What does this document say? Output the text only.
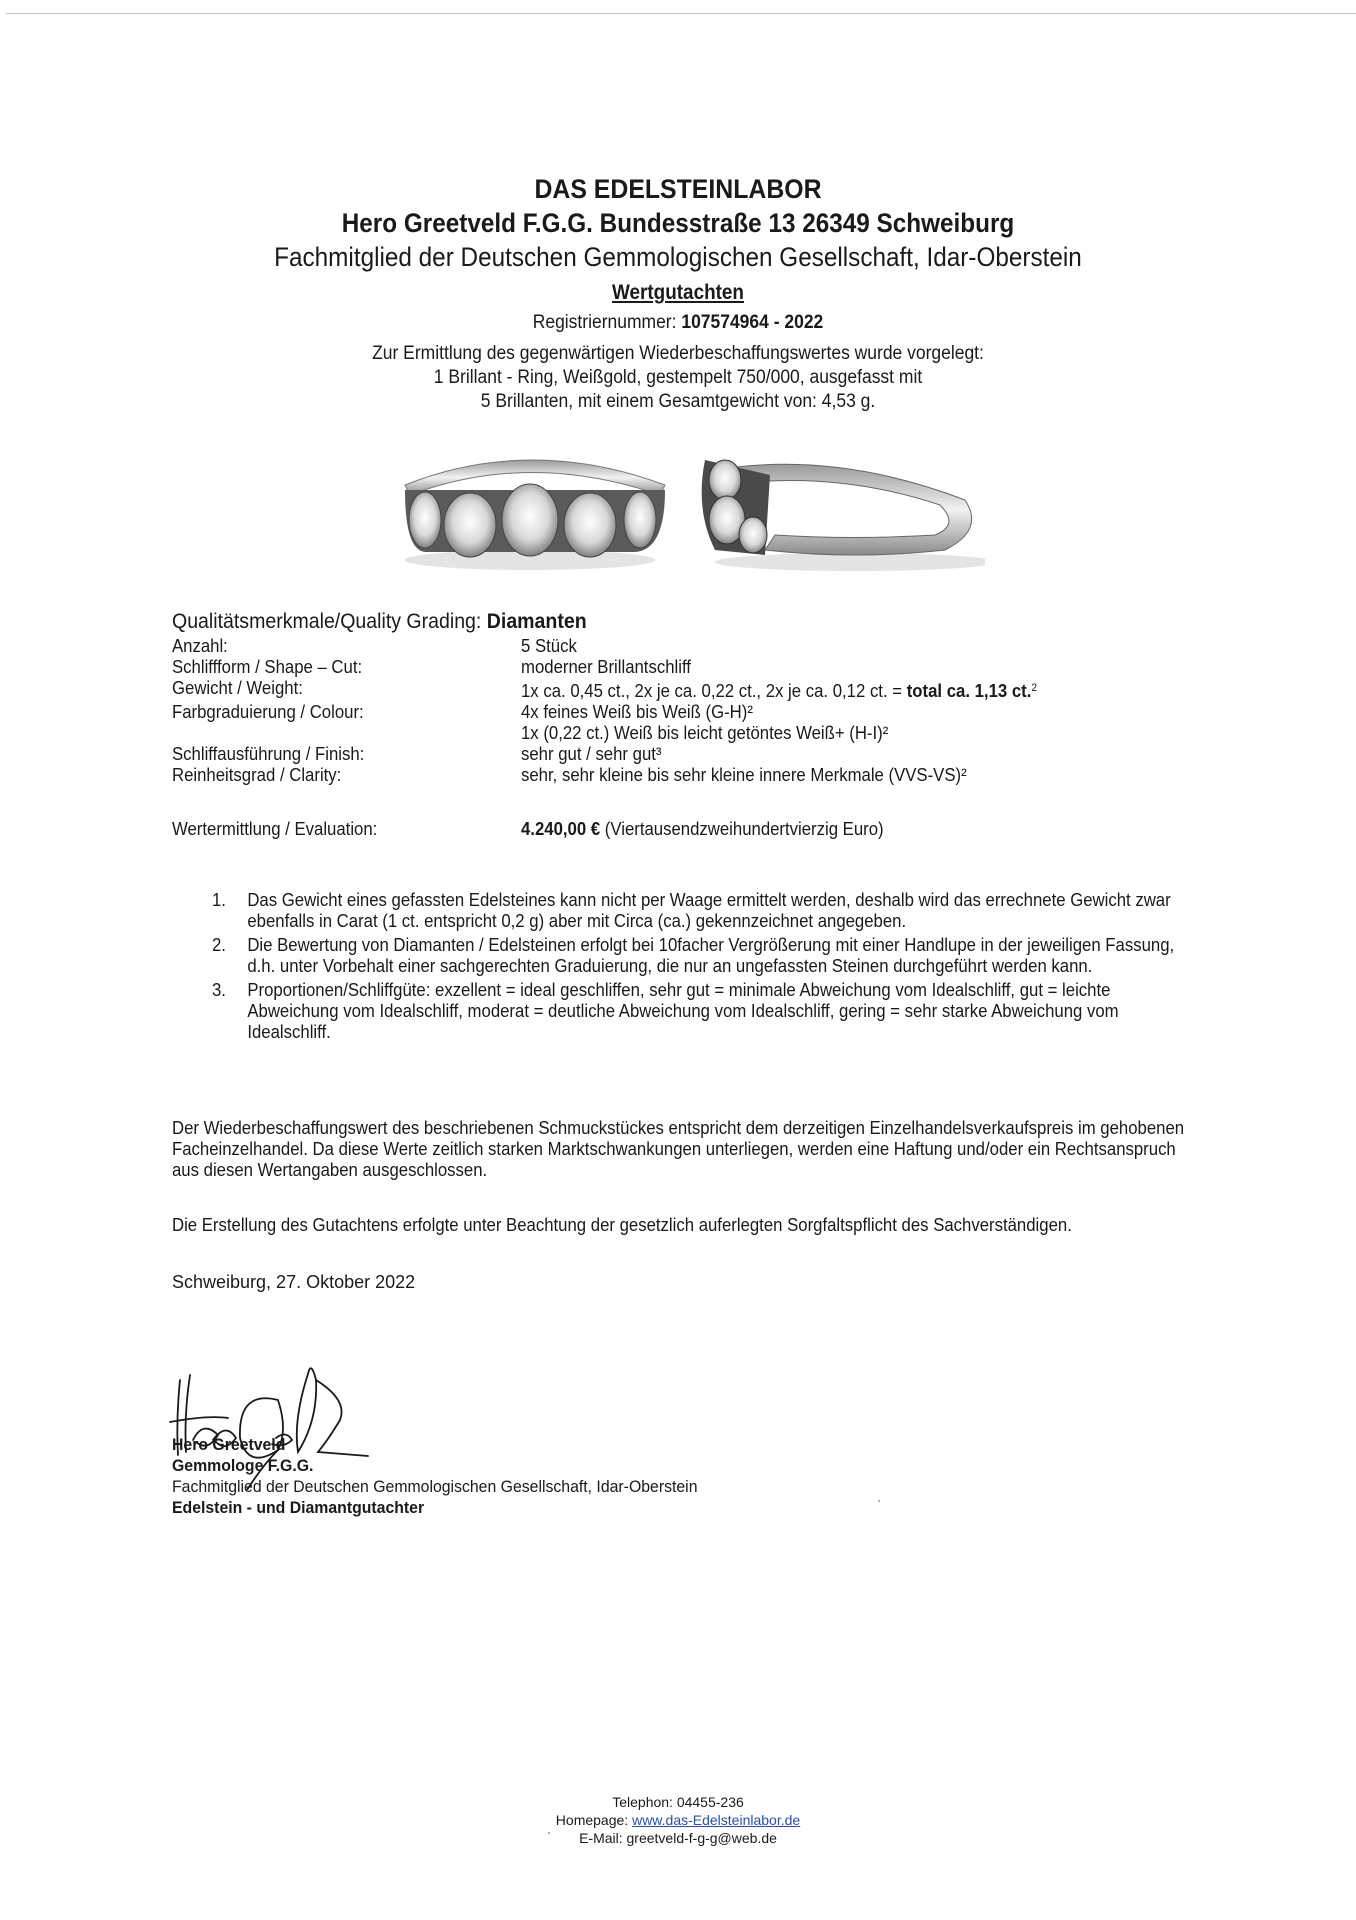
DAS EDELSTEINLABOR
Hero Greetveld F.G.G. Bundesstraße 13 26349 Schweiburg
Fachmitglied der Deutschen Gemmologischen Gesellschaft, Idar-Oberstein
Wertgutachten
Registriernummer: 107574964 - 2022
Zur Ermittlung des gegenwärtigen Wiederbeschaffungswertes wurde vorgelegt:
1 Brillant - Ring, Weißgold, gestempelt 750/000, ausgefasst mit
5 Brillanten, mit einem Gesamtgewicht von: 4,53 g.
Qualitätsmerkmale/Quality Grading: Diamanten
Anzahl:	5 Stück
Schliffform / Shape – Cut:	moderner Brillantschliff
Gewicht / Weight:	1x ca. 0,45 ct., 2x je ca. 0,22 ct., 2x je ca. 0,12 ct. = total ca. 1,13 ct.$^2$
Farbgraduierung / Colour:	4x feines Weiß bis Weiß (G-H)²
1x (0,22 ct.) Weiß bis leicht getöntes Weiß+ (H-I)²
Schliffausführung / Finish:	sehr gut / sehr gut³
Reinheitsgrad / Clarity:	sehr, sehr kleine bis sehr kleine innere Merkmale (VVS-VS)²
Wertermittlung / Evaluation:	4.240,00 € (Viertausendzweihundertvierzig Euro)
1.	Das Gewicht eines gefassten Edelsteines kann nicht per Waage ermittelt werden, deshalb wird das errechnete Gewicht zwar ebenfalls in Carat (1 ct. entspricht 0,2 g) aber mit Circa (ca.) gekennzeichnet angegeben.
2.	Die Bewertung von Diamanten / Edelsteinen erfolgt bei 10facher Vergrößerung mit einer Handlupe in der jeweiligen Fassung, d.h. unter Vorbehalt einer sachgerechten Graduierung, die nur an ungefassten Steinen durchgeführt werden kann.
3.	Proportionen/Schliffgüte: exzellent = ideal geschliffen, sehr gut = minimale Abweichung vom Idealschliff, gut = leichte Abweichung vom Idealschliff, moderat = deutliche Abweichung vom Idealschliff, gering = sehr starke Abweichung vom Idealschliff.
Der Wiederbeschaffungswert des beschriebenen Schmuckstückes entspricht dem derzeitigen Einzelhandelsverkaufspreis im gehobenen Facheinzelhandel. Da diese Werte zeitlich starken Marktschwankungen unterliegen, werden eine Haftung und/oder ein Rechtsanspruch aus diesen Wertangaben ausgeschlossen.
Die Erstellung des Gutachtens erfolgte unter Beachtung der gesetzlich auferlegten Sorgfaltspflicht des Sachverständigen.
Schweiburg, 27. Oktober 2022
Hero Greetveld
Gemmologe F.G.G.
Fachmitglied der Deutschen Gemmologischen Gesellschaft, Idar-Oberstein
Edelstein - und Diamantgutachter
Telephon: 04455-236
Homepage: www.das-Edelsteinlabor.de
E-Mail: greetveld-f-g-g@web.de
